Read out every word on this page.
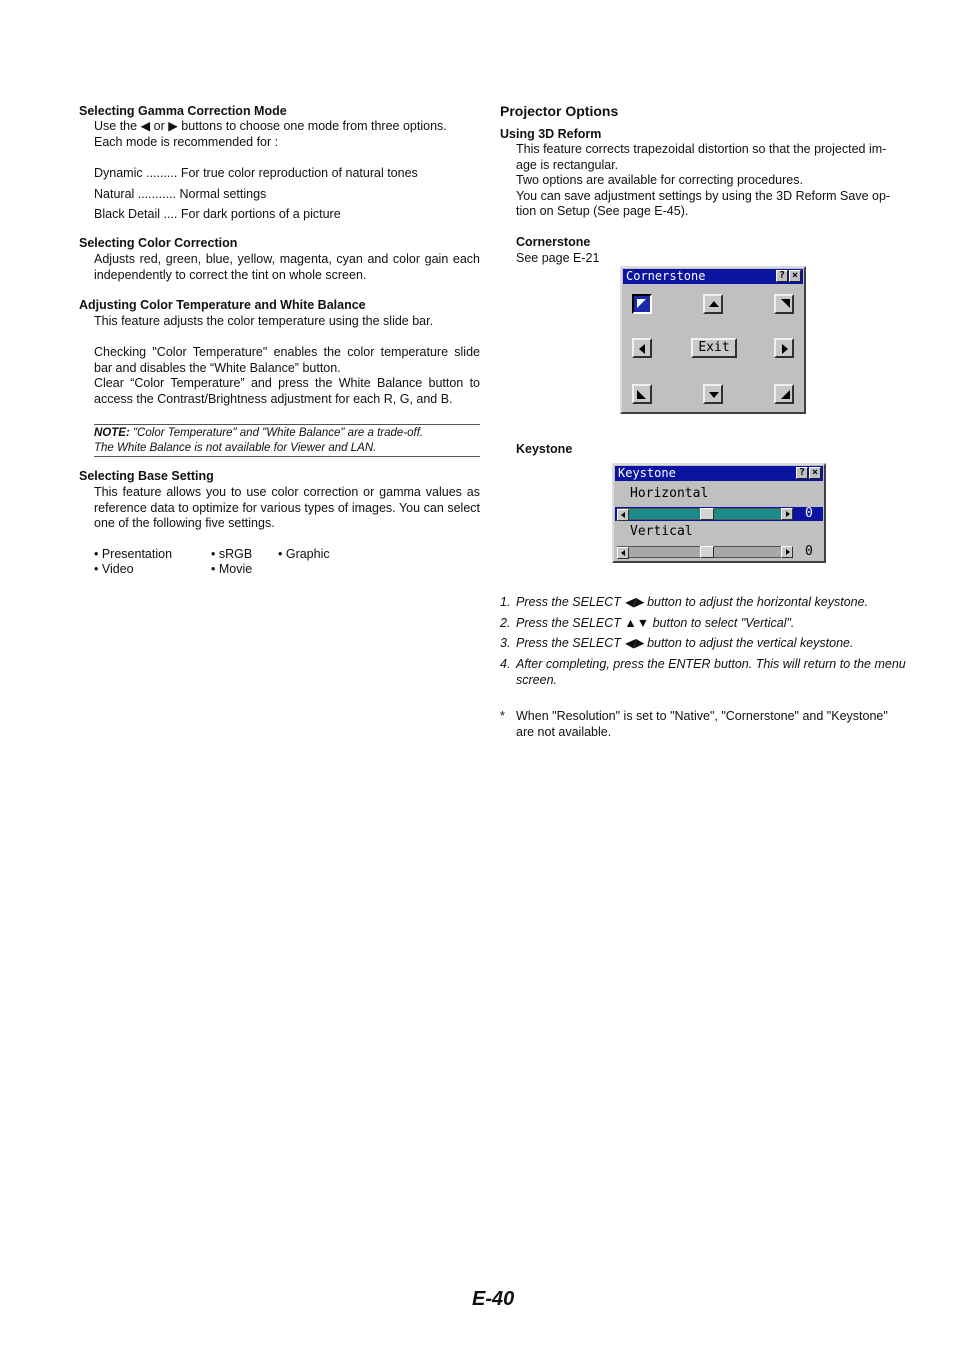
Selecting Gamma Correction Mode
Use the ◀ or ▶ buttons to choose one mode from three options.
Each mode is recommended for :
Dynamic ......... For true color reproduction of natural tones
Natural ........... Normal settings
Black Detail .... For dark portions of a picture
Selecting Color Correction
Adjusts red, green, blue, yellow, magenta, cyan and color gain each independently to correct the tint on whole screen.
Adjusting Color Temperature and White Balance
This feature adjusts the color temperature using the slide bar.
Checking "Color Temperature" enables the color temperature slide bar and disables the “White Balance” button.
Clear “Color Temperature” and press the White Balance button to access the Contrast/Brightness adjustment for each R, G, and B.
NOTE: "Color Temperature" and "White Balance" are a trade-off.
The White Balance is not available for Viewer and LAN.
Selecting Base Setting
This feature allows you to use color correction or gamma values as reference data to optimize for various types of images. You can select one of the following five settings.
• Presentation	• sRGB • Graphic
• Video	• Movie
Projector Options
Using 3D Reform
This feature corrects trapezoidal distortion so that the projected im-
age is rectangular.
Two options are available for correcting procedures.
You can save adjustment settings by using the 3D Reform Save op-
tion on Setup (See page E-45).
Cornerstone
See page E-21
Cornerstone	? ×
Exit
Keystone
Keystone	? ×
Horizontal
0
Vertical
0
1. Press the SELECT ◀▶ button to adjust the horizontal keystone.
2. Press the SELECT ▲▼ button to select "Vertical".
3. Press the SELECT ◀▶ button to adjust the vertical keystone.
4. After completing, press the ENTER button. This will return to the menu screen.
* When "Resolution" is set to "Native", "Cornerstone" and "Keystone" are not available.
E-40
